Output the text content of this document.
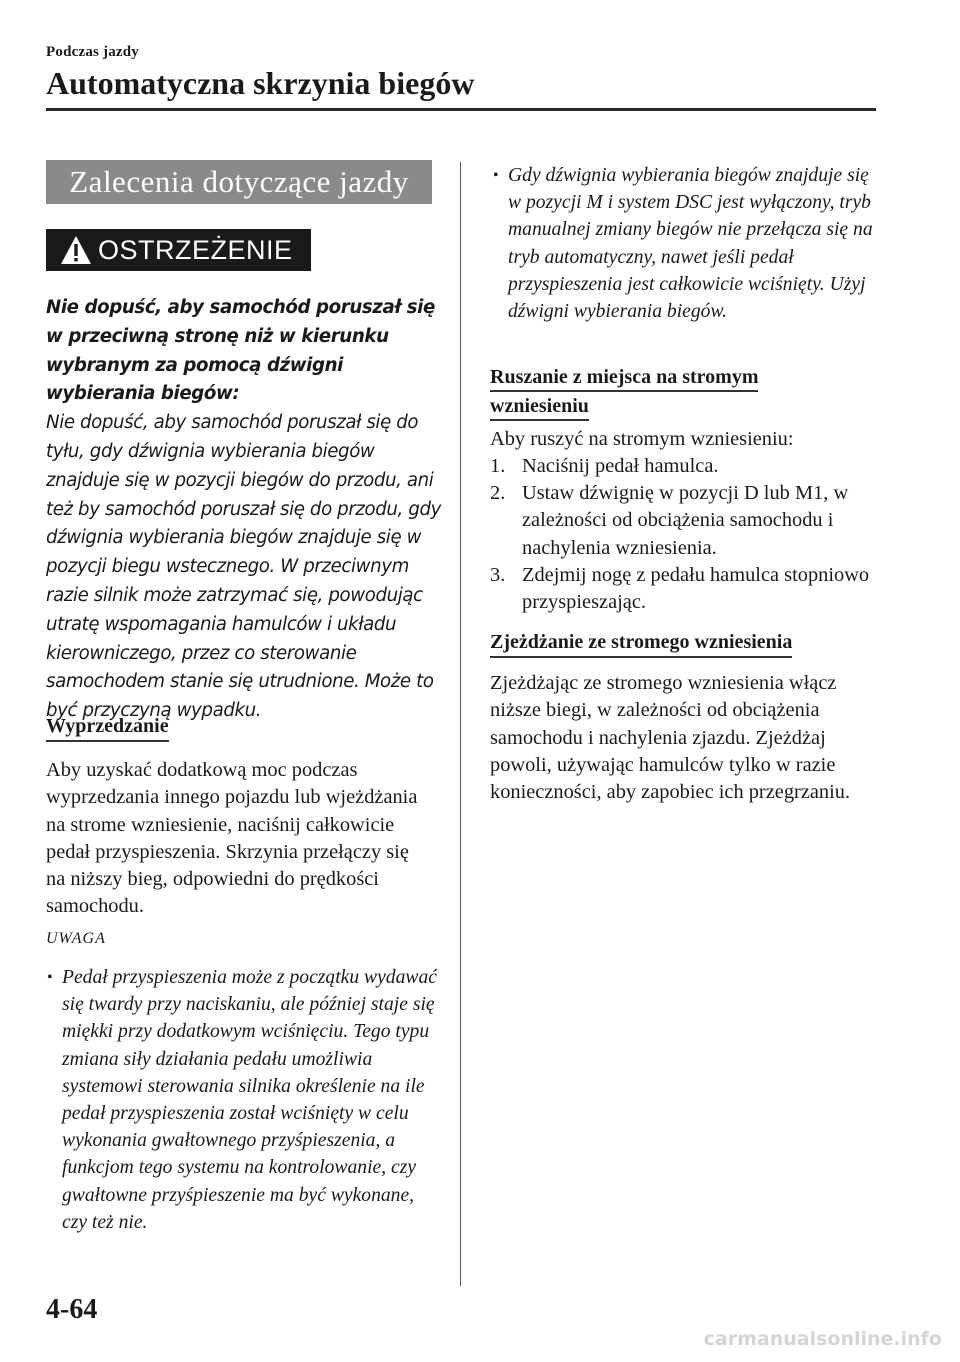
Podczas jazdy
Automatyczna skrzynia biegów
Zalecenia dotyczące jazdy
OSTRZEŻENIE
Nie dopuść, aby samochód poruszał się w przeciwną stronę niż w kierunku wybranym za pomocą dźwigni wybierania biegów:
Nie dopuść, aby samochód poruszał się do tyłu, gdy dźwignia wybierania biegów znajduje się w pozycji biegów do przodu, ani też by samochód poruszał się do przodu, gdy dźwignia wybierania biegów znajduje się w pozycji biegu wstecznego. W przeciwnym razie silnik może zatrzymać się, powodując utratę wspomagania hamulców i układu kierowniczego, przez co sterowanie samochodem stanie się utrudnione. Może to być przyczyną wypadku.
Wyprzedzanie
Aby uzyskać dodatkową moc podczas wyprzedzania innego pojazdu lub wjeżdżania na strome wzniesienie, naciśnij całkowicie pedał przyspieszenia. Skrzynia przełączy się na niższy bieg, odpowiedni do prędkości samochodu.
UWAGA
• Pedał przyspieszenia może z początku wydawać się twardy przy naciskaniu, ale później staje się miękki przy dodatkowym wciśnięciu. Tego typu zmiana siły działania pedału umożliwia systemowi sterowania silnika określenie na ile pedał przyspieszenia został wciśnięty w celu wykonania gwałtownego przyśpieszenia, a funkcjom tego systemu na kontrolowanie, czy gwałtowne przyśpieszenie ma być wykonane, czy też nie.
• Gdy dźwignia wybierania biegów znajduje się w pozycji M i system DSC jest wyłączony, tryb manualnej zmiany biegów nie przełącza się na tryb automatyczny, nawet jeśli pedał przyspieszenia jest całkowicie wciśnięty. Użyj dźwigni wybierania biegów.
Ruszanie z miejsca na stromym
wzniesieniu
Aby ruszyć na stromym wzniesieniu:

1. Naciśnij pedał hamulca.

2. Ustaw dźwignię w pozycji D lub M1, w zależności od obciążenia samochodu i nachylenia wzniesienia.

3. Zdejmij nogę z pedału hamulca stopniowo przyspieszając.

Zjeżdżanie ze stromego wzniesienia
Zjeżdżając ze stromego wzniesienia włącz niższe biegi, w zależności od obciążenia samochodu i nachylenia zjazdu. Zjeżdżaj powoli, używając hamulców tylko w razie konieczności, aby zapobiec ich przegrzaniu.
4-64
carmanualsonline.info
